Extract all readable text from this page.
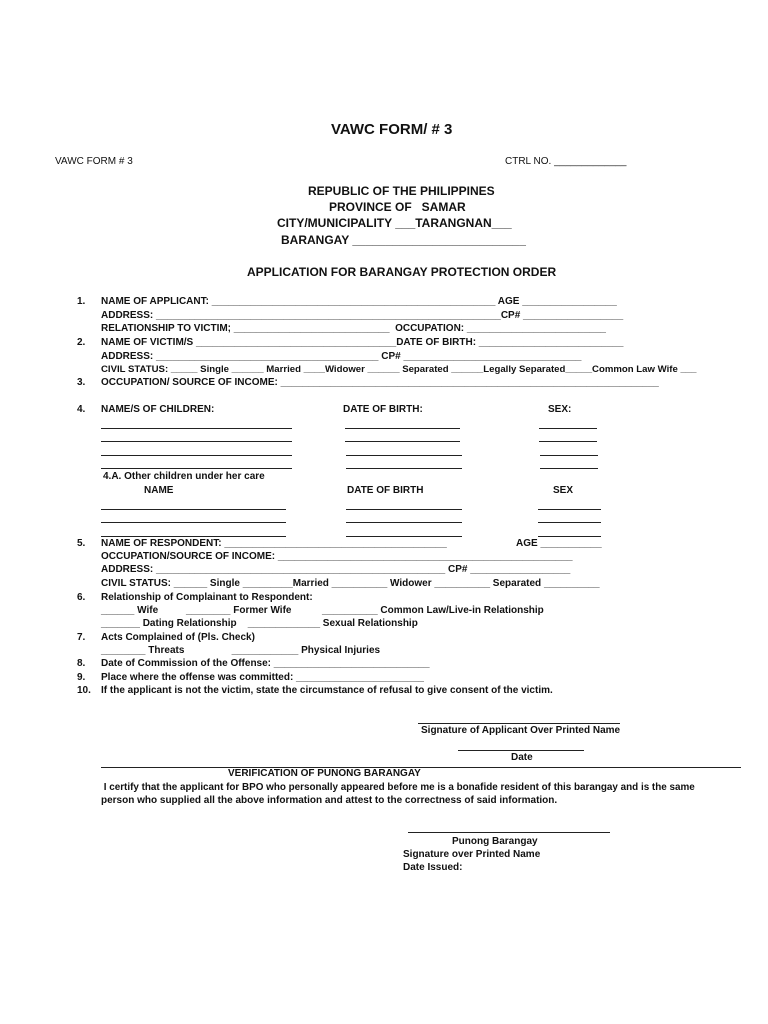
VAWC FORM/ # 3
VAWC FORM # 3	CTRL NO. _____________
REPUBLIC OF THE PHILIPPINES
PROVINCE OF   SAMAR
CITY/MUNICIPALITY ___TARANGNAN___
BARANGAY __________________________
APPLICATION FOR BARANGAY PROTECTION ORDER
1. NAME OF APPLICANT: ___________________________________________________ AGE _________________
ADDRESS: ______________________________________________________________CP# __________________
RELATIONSHIP TO VICTIM; ____________________________  OCCUPATION: _________________________
2. NAME OF VICTIM/S ____________________________________DATE OF BIRTH: __________________________
ADDRESS: ________________________________________ CP# ________________________________
CIVIL STATUS: _____ Single ______ Married ____Widower ______ Separated ______Legally Separated_____Common Law Wife ___
3. OCCUPATION/ SOURCE OF INCOME: ____________________________________________________________________
4. NAME/S OF CHILDREN:	DATE OF BIRTH:	SEX:
4.A. Other children under her care
NAME	DATE OF BIRTH	SEX
5. NAME OF RESPONDENT: ________________________________________	AGE ___________
OCCUPATION/SOURCE OF INCOME: _____________________________________________________
ADDRESS: ____________________________________________________ CP# __________________
CIVIL STATUS: ______ Single _________Married __________ Widower __________ Separated __________
6. Relationship of Complainant to Respondent:
______ Wife          ________ Former Wife           __________ Common Law/Live-in Relationship
_______ Dating Relationship    _____________ Sexual Relationship
7. Acts Complained of (Pls. Check)
________ Threats                 ____________ Physical Injuries
8. Date of Commission of the Offense: ____________________________
9. Place where the offense was committed: _______________________
10. If the applicant is not the victim, state the circumstance of refusal to give consent of the victim.
Signature of Applicant Over Printed Name
Date
VERIFICATION OF PUNONG BARANGAY
I certify that the applicant for BPO who personally appeared before me is a bonafide resident of this barangay and is the same
person who supplied all the above information and attest to the correctness of said information.
Punong Barangay
Signature over Printed Name
Date Issued:
